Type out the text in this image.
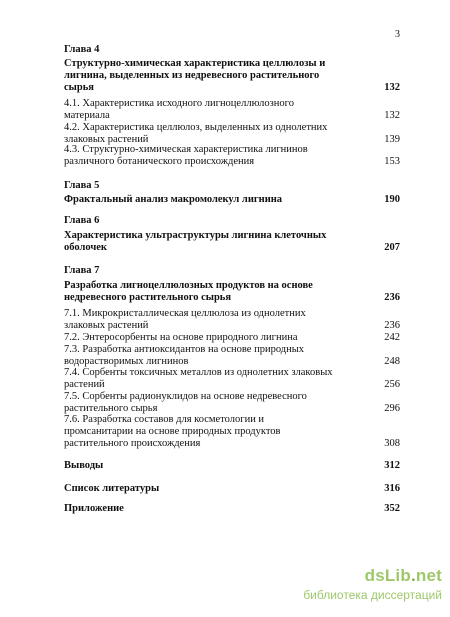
3
Глава 4
Структурно-химическая характеристика целлюлозы и лигнина, выделенных из недревесного растительного сырья	132
4.1. Характеристика исходного лигноцеллюлозного материала	132
4.2. Характеристика целлюлоз, выделенных из однолетних злаковых растений	139
4.3. Структурно-химическая характеристика лигнинов различного ботанического происхождения	153
Глава 5
Фрактальный анализ макромолекул лигнина	190
Глава 6
Характеристика ультраструктуры лигнина клеточных оболочек	207
Глава 7
Разработка лигноцеллюлозных продуктов на основе недревесного растительного сырья	236
7.1. Микрокристаллическая целлюлоза из однолетних злаковых растений	236
7.2. Энтеросорбенты на основе природного лигнина	242
7.3. Разработка антиоксидантов на основе природных водорастворимых лигнинов	248
7.4. Сорбенты токсичных металлов из однолетних злаковых растений	256
7.5. Сорбенты радионуклидов на основе недревесного растительного сырья	296
7.6. Разработка составов для косметологии и промсанитарии на основе природных продуктов растительного происхождения	308
Выводы	312
Список литературы	316
Приложение	352
dsLib.net
библиотека диссертаций
